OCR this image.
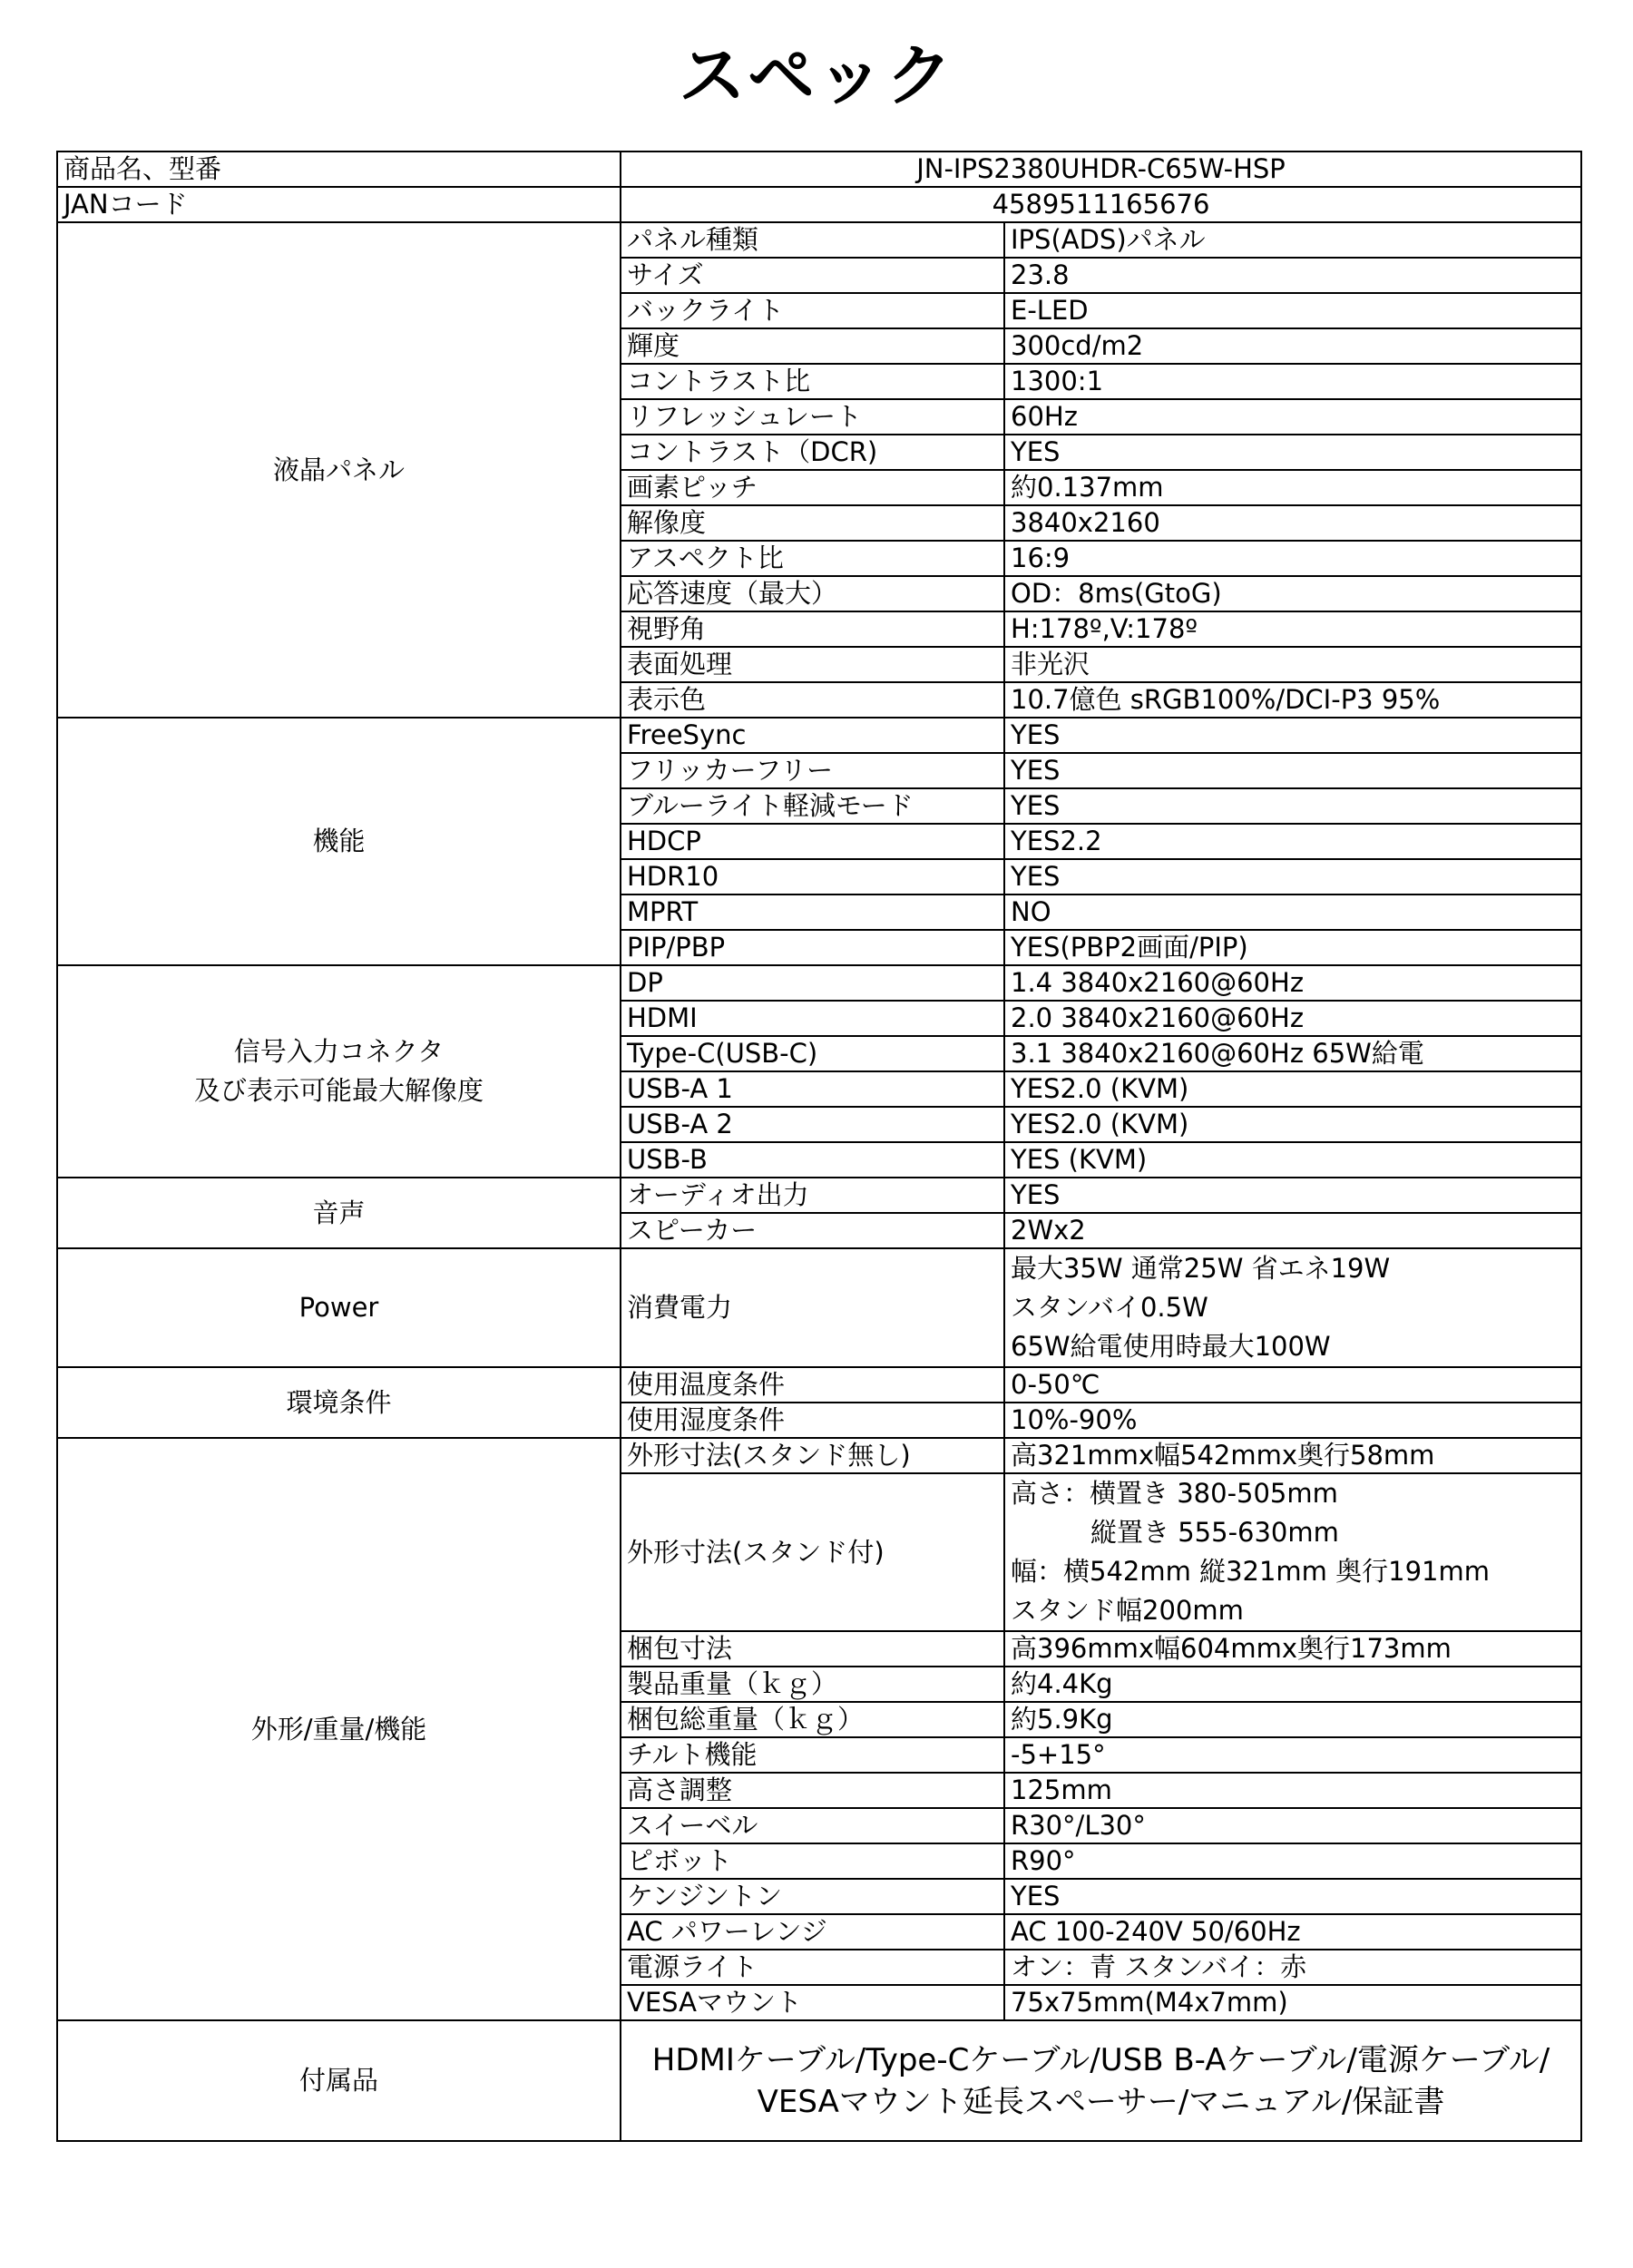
スペック
商品名、型番	JN-IPS2380UHDR-C65W-HSP	
JANコード	4589511165676	
液晶パネル	パネル種類	IPS(ADS)パネル
	サイズ	23.8
	バックライト	E-LED
	輝度	300cd/m2
	コントラスト比	1300:1
	リフレッシュレート	60Hz
	コントラスト（DCR)	YES
	画素ピッチ	約0.137mm
	解像度	3840x2160
	アスペクト比	16:9
	応答速度（最大）	OD：8ms(GtoG)
	視野角	H:178º,V:178º
	表面処理	非光沢
	表示色	10.7億色 sRGB100%/DCI-P3 95%
機能	FreeSync	YES
	フリッカーフリー	YES
	ブルーライト軽減モード	YES
	HDCP	YES2.2
	HDR10	YES
	MPRT	NO
	PIP/PBP	YES(PBP2画面/PIP)

信号入力コネクタ
及び表示可能最大解像度	DP	1.4 3840x2160@60Hz
	HDMI	2.0 3840x2160@60Hz
	Type-C(USB-C)	3.1 3840x2160@60Hz 65W給電
	USB-A 1	YES2.0 (KVM)
	USB-A 2	YES2.0 (KVM)
	USB-B	YES (KVM)
音声	オーディオ出力	YES
	スピーカー	2Wx2
Power	消費電力	最大35W 通常25W 省エネ19W
スタンバイ0.5W
65W給電使用時最大100W

環境条件	使用温度条件	0-50℃
	使用湿度条件	10%-90%
外形/重量/機能	外形寸法(スタンド無し)	高321mmx幅542mmx奥行58mm
	外形寸法(スタンド付)	高さ：横置き 380-505mm
縦置き 555-630mm
幅：横542mm 縦321mm 奥行191mm
スタンド幅200mm

	梱包寸法	高396mmx幅604mmx奥行173mm
	製品重量（ｋｇ）	約4.4Kg
	梱包総重量（ｋｇ）	約5.9Kg
	チルト機能	-5+15°
	高さ調整	125mm
	スイーベル	R30°/L30°
	ピボット	R90°
	ケンジントン	YES
	AC パワーレンジ	AC 100-240V 50/60Hz
	電源ライト	オン：青 スタンバイ：赤
	VESAマウント	75x75mm(M4x7mm)
付属品	HDMIケーブル/Type-Cケーブル/USB B-Aケーブル/電源ケーブル/
VESAマウント延長スペーサー/マニュアル/保証書	
